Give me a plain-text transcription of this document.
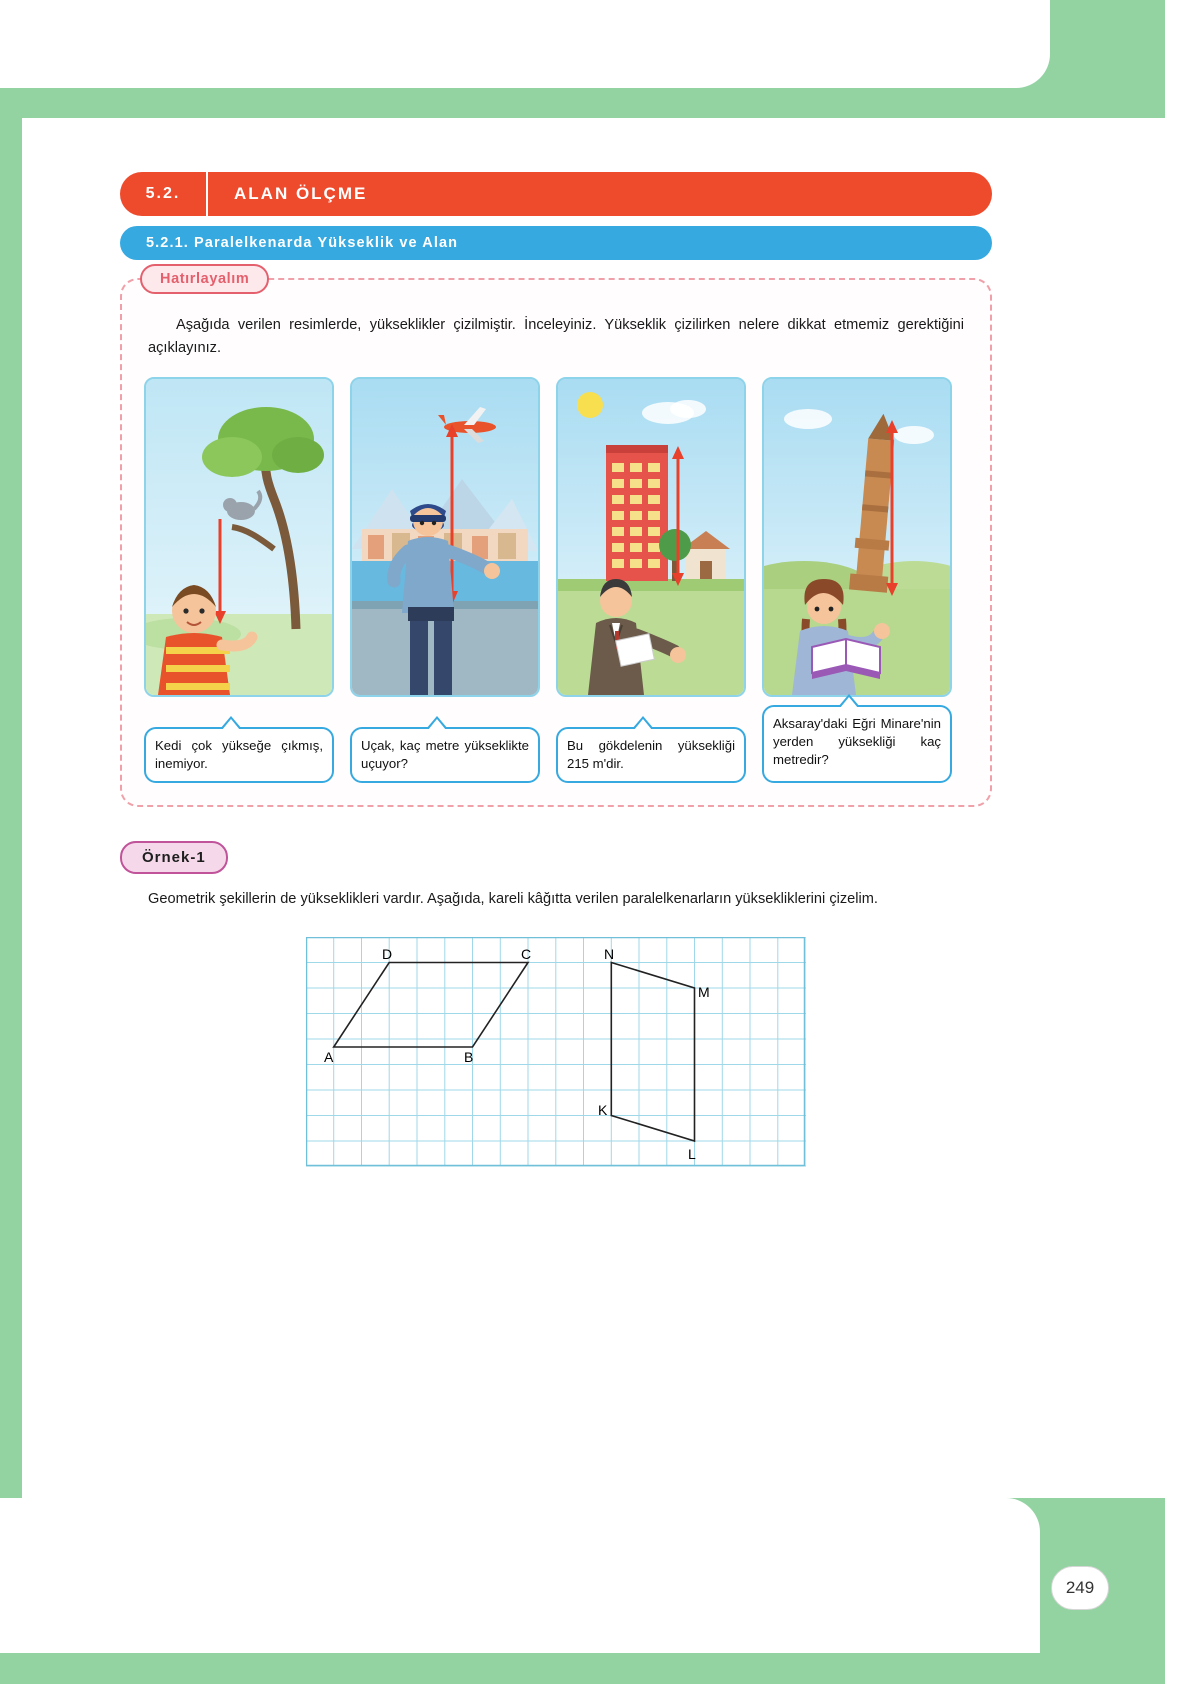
5. ÜNİTE
249
5.2.	ALAN ÖLÇME
5.2.1. Paralelkenarda Yükseklik ve Alan
Hatırlayalım
Aşağıda verilen resimlerde, yükseklikler çizilmiştir. İnceleyiniz. Yükseklik çizilirken nelere dikkat etmemiz gerektiğini açıklayınız.
Kedi çok yükseğe çıkmış, inemiyor.
Uçak, kaç metre yükseklikte uçuyor?
Bu gökdelenin yüksekliği 215 m'dir.
Aksaray'daki Eğri Minare'nin yerden yüksekliği kaç metredir?
Örnek-1
Geometrik şekillerin de yükseklikleri vardır. Aşağıda, kareli kâğıtta verilen paralelkenarların yüksekliklerini çizelim.
D	C
A	B
N
M
K
L
